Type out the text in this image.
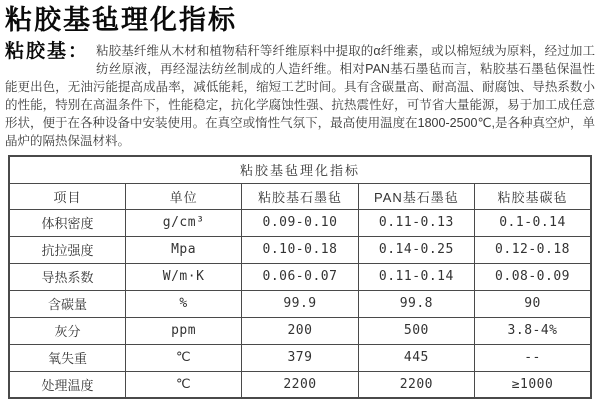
粘胶基毡理化指标
粘胶基： 粘胶基纤维从木材和植物秸秆等纤维原料中提取的α纤维素，或以棉短绒为原料，经过加工纺丝原液，再经湿法纺丝制成的人造纤维。相对PAN基石墨毡而言，粘胶基石墨毡保温性能更出色，无油污能提高成晶率，减低能耗，缩短工艺时间。具有含碳量高、耐高温、耐腐蚀、导热系数小的性能，特别在高温条件下，性能稳定，抗化学腐蚀性强、抗热震性好，可节省大量能源，易于加工成任意形状，便于在各种设备中安装使用。在真空或惰性气氛下，最高使用温度在1800-2500℃,是各种真空炉，单晶炉的隔热保温材料。
粘胶基毡理化指标				
项目	单位	粘胶基石墨毡	PAN基石墨毡	粘胶基碳毡
体积密度	g/cm³	0.09-0.10	0.11-0.13	0.1-0.14
抗拉强度	Mpa	0.10-0.18	0.14-0.25	0.12-0.18
导热系数	W/m·K	0.06-0.07	0.11-0.14	0.08-0.09
含碳量	%	99.9	99.8	90
灰分	ppm	200	500	3.8-4%
氧失重	℃	379	445	--
处理温度	℃	2200	2200	≥1000
